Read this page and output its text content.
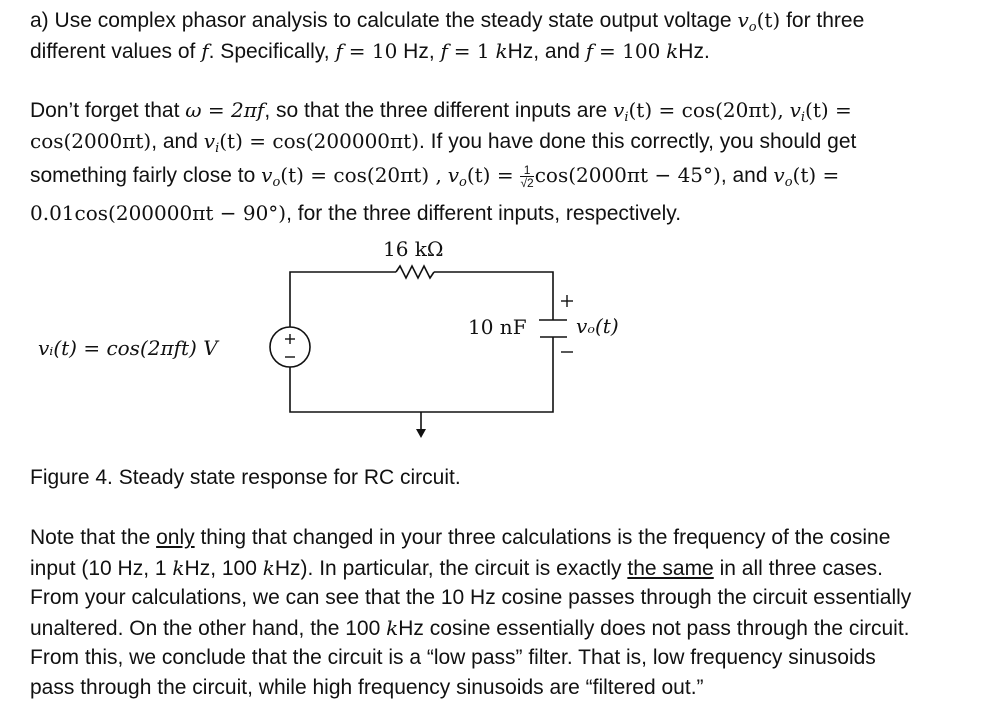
a) Use complex phasor analysis to calculate the steady state output voltage $v_o(t)$ for three
different values of f. Specifically, f = 10 Hz, f = 1 kHz, and f = 100 kHz.
Don’t forget that ω = 2πf, so that the three different inputs are $v_i(t) = \cos(20\pi t)$, $v_i(t)$ =
cos(2000πt), and $v_i(t) = \cos(200000\pi t)$. If you have done this correctly, you should get
something fairly close to $v_o(t) = \cos(20\pi t)$ , $v_o(t) = \frac{1}{√2} \cos(2000\pi t - 45^\circ)$, and $v_o(t)$ =
0.01cos(200000πt − 90°), for the three different inputs, respectively.
16 kΩ
10 nF vₒ(t)
vᵢ(t) = cos(2πft) V
Figure 4. Steady state response for RC circuit.
Note that the only thing that changed in your three calculations is the frequency of the cosine
input (10 Hz, 1 kHz, 100 kHz). In particular, the circuit is exactly the same in all three cases.
From your calculations, we can see that the 10 Hz cosine passes through the circuit essentially
unaltered. On the other hand, the 100 kHz cosine essentially does not pass through the circuit.
From this, we conclude that the circuit is a “low pass” filter. That is, low frequency sinusoids
pass through the circuit, while high frequency sinusoids are “filtered out.”
